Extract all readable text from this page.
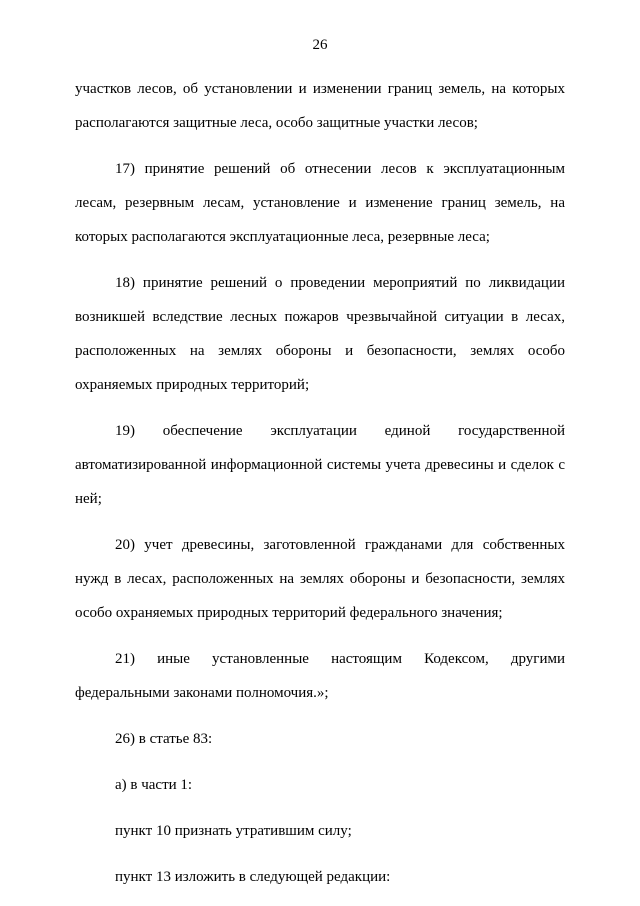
26

участков лесов, об установлении и изменении границ земель, на которых располагаются защитные леса, особо защитные участки лесов;

17) принятие решений об отнесении лесов к эксплуатационным лесам, резервным лесам, установление и изменение границ земель, на которых располагаются эксплуатационные леса, резервные леса;

18) принятие решений о проведении мероприятий по ликвидации возникшей вследствие лесных пожаров чрезвычайной ситуации в лесах, расположенных на землях обороны и безопасности, землях особо охраняемых природных территорий;

19) обеспечение эксплуатации единой государственной автоматизированной информационной системы учета древесины и сделок с ней;

20) учет древесины, заготовленной гражданами для собственных нужд в лесах, расположенных на землях обороны и безопасности, землях особо охраняемых природных территорий федерального значения;

21) иные установленные настоящим Кодексом, другими федеральными законами полномочия.»;

26) в статье 83:

а) в части 1:

пункт 10 признать утратившим силу;

пункт 13 изложить в следующей редакции:
